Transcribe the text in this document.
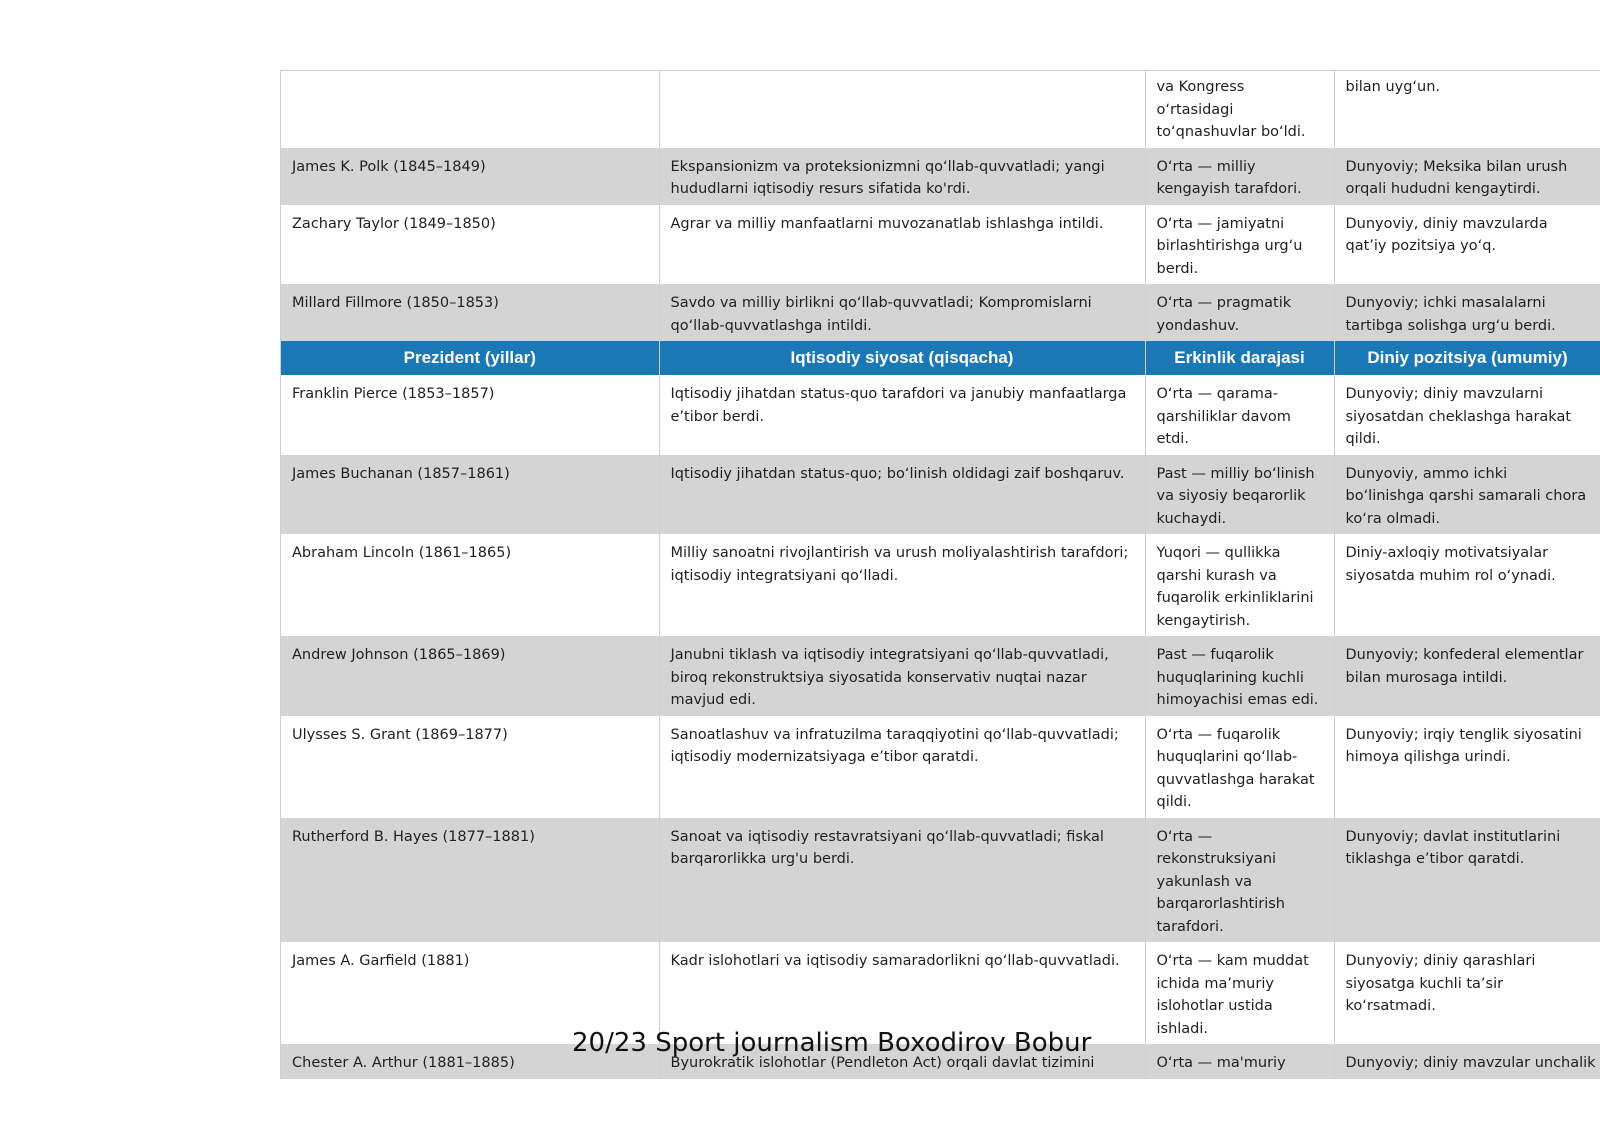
		va Kongress o‘rtasidagi to‘qnashuvlar bo‘ldi.	bilan uyg‘un.

James K. Polk (1845–1849)	Ekspansionizm va proteksionizmni qo‘llab-quvvatladi; yangi hududlarni iqtisodiy resurs sifatida ko'rdi.	O‘rta — milliy kengayish tarafdori.	Dunyoviy; Meksika bilan urush orqali hududni kengaytirdi.

Zachary Taylor (1849–1850)	Agrar va milliy manfaatlarni muvozanatlab ishlashga intildi.	O‘rta — jamiyatni birlashtirishga urg‘u berdi.	Dunyoviy, diniy mavzularda qat’iy pozitsiya yo‘q.

Millard Fillmore (1850–1853)	Savdo va milliy birlikni qo‘llab-quvvatladi; Kompromislarni qo‘llab-quvvatlashga intildi.	O‘rta — pragmatik yondashuv.	Dunyoviy; ichki masalalarni tartibga solishga urg‘u berdi.

Prezident (yillar)	Iqtisodiy siyosat (qisqacha)	Erkinlik darajasi	Diniy pozitsiya (umumiy)

Franklin Pierce (1853–1857)	Iqtisodiy jihatdan status-quo tarafdori va janubiy manfaatlarga e’tibor berdi.	O‘rta — qarama-qarshiliklar davom etdi.	Dunyoviy; diniy mavzularni siyosatdan cheklashga harakat qildi.

James Buchanan (1857–1861)	Iqtisodiy jihatdan status-quo; bo‘linish oldidagi zaif boshqaruv.	Past — milliy bo‘linish va siyosiy beqarorlik kuchaydi.	Dunyoviy, ammo ichki bo‘linishga qarshi samarali chora ko‘ra olmadi.

Abraham Lincoln (1861–1865)	Milliy sanoatni rivojlantirish va urush moliyalashtirish tarafdori; iqtisodiy integratsiyani qo‘lladi.	Yuqori — qullikka qarshi kurash va fuqarolik erkinliklarini kengaytirish.	Diniy-axloqiy motivatsiyalar siyosatda muhim rol o‘ynadi.

Andrew Johnson (1865–1869)	Janubni tiklash va iqtisodiy integratsiyani qo‘llab-quvvatladi, biroq rekonstruktsiya siyosatida konservativ nuqtai nazar mavjud edi.	Past — fuqarolik huquqlarining kuchli himoyachisi emas edi.	Dunyoviy; konfederal elementlar bilan murosaga intildi.

Ulysses S. Grant (1869–1877)	Sanoatlashuv va infratuzilma taraqqiyotini qo‘llab-quvvatladi; iqtisodiy modernizatsiyaga e’tibor qaratdi.	O‘rta — fuqarolik huquqlarini qo‘llab-quvvatlashga harakat qildi.	Dunyoviy; irqiy tenglik siyosatini himoya qilishga urindi.

Rutherford B. Hayes (1877–1881)	Sanoat va iqtisodiy restavratsiyani qo‘llab-quvvatladi; fiskal barqarorlikka urg'u berdi.	O‘rta — rekonstruksiyani yakunlash va barqarorlashtirish tarafdori.	Dunyoviy; davlat institutlarini tiklashga e’tibor qaratdi.

James A. Garfield (1881)	Kadr islohotlari va iqtisodiy samaradorlikni qo‘llab-quvvatladi.	O‘rta — kam muddat ichida ma’muriy islohotlar ustida ishladi.	Dunyoviy; diniy qarashlari siyosatga kuchli ta’sir ko‘rsatmadi.

Chester A. Arthur (1881–1885)	Byurokratik islohotlar (Pendleton Act) orqali davlat tizimini	O‘rta — ma'muriy	Dunyoviy; diniy mavzular unchalik
20/23 Sport journalism Boxodirov Bobur
